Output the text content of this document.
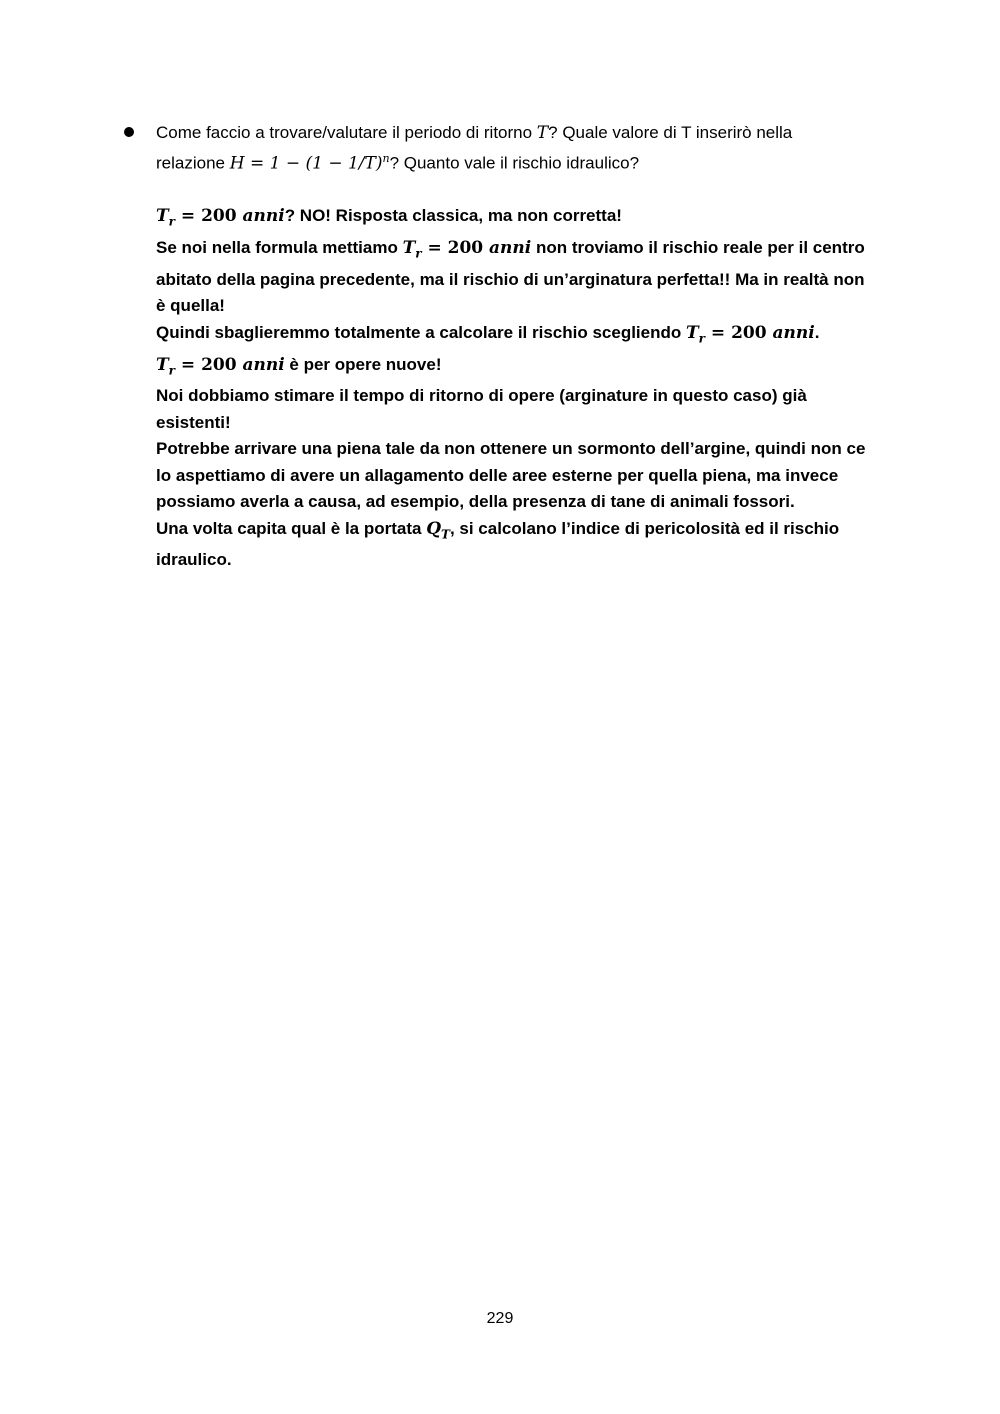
Come faccio a trovare/valutare il periodo di ritorno T? Quale valore di T inserirò nella
relazione $H = 1 - (1 - 1/T)^n$? Quanto vale il rischio idraulico?

$T_r = 200$ anni? NO! Risposta classica, ma non corretta!
Se noi nella formula mettiamo $T_r = 200$ anni non troviamo il rischio reale per il centro
abitato della pagina precedente, ma il rischio di un’arginatura perfetta!! Ma in realtà non
è quella!
Quindi sbaglieremmo totalmente a calcolare il rischio scegliendo $T_r = 200$ anni.
$T_r = 200$ anni è per opere nuove!
Noi dobbiamo stimare il tempo di ritorno di opere (arginature in questo caso) già
esistenti!
Potrebbe arrivare una piena tale da non ottenere un sormonto dell’argine, quindi non ce
lo aspettiamo di avere un allagamento delle aree esterne per quella piena, ma invece
possiamo averla a causa, ad esempio, della presenza di tane di animali fossori.
Una volta capita qual è la portata $Q_T$, si calcolano l’indice di pericolosità ed il rischio
idraulico.
229
